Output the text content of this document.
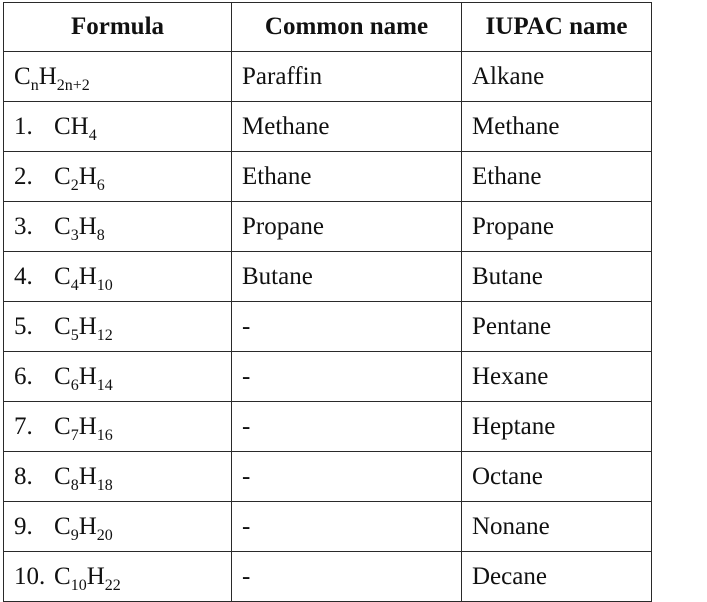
Formula	Common name	IUPAC name
$C_nH_{2n+2}$	Paraffin	Alkane
1. $CH_4$	Methane	Methane
2. $C_2H_6$	Ethane	Ethane
3. $C_3H_8$	Propane	Propane
4. $C_4H_{10}$	Butane	Butane
5. $C_5H_{12}$	-	Pentane
6. $C_6H_{14}$	-	Hexane
7. $C_7H_{16}$	-	Heptane
8. $C_8H_{18}$	-	Octane
9. $C_9H_{20}$	-	Nonane
10. $C_{10}H_{22}$	-	Decane
